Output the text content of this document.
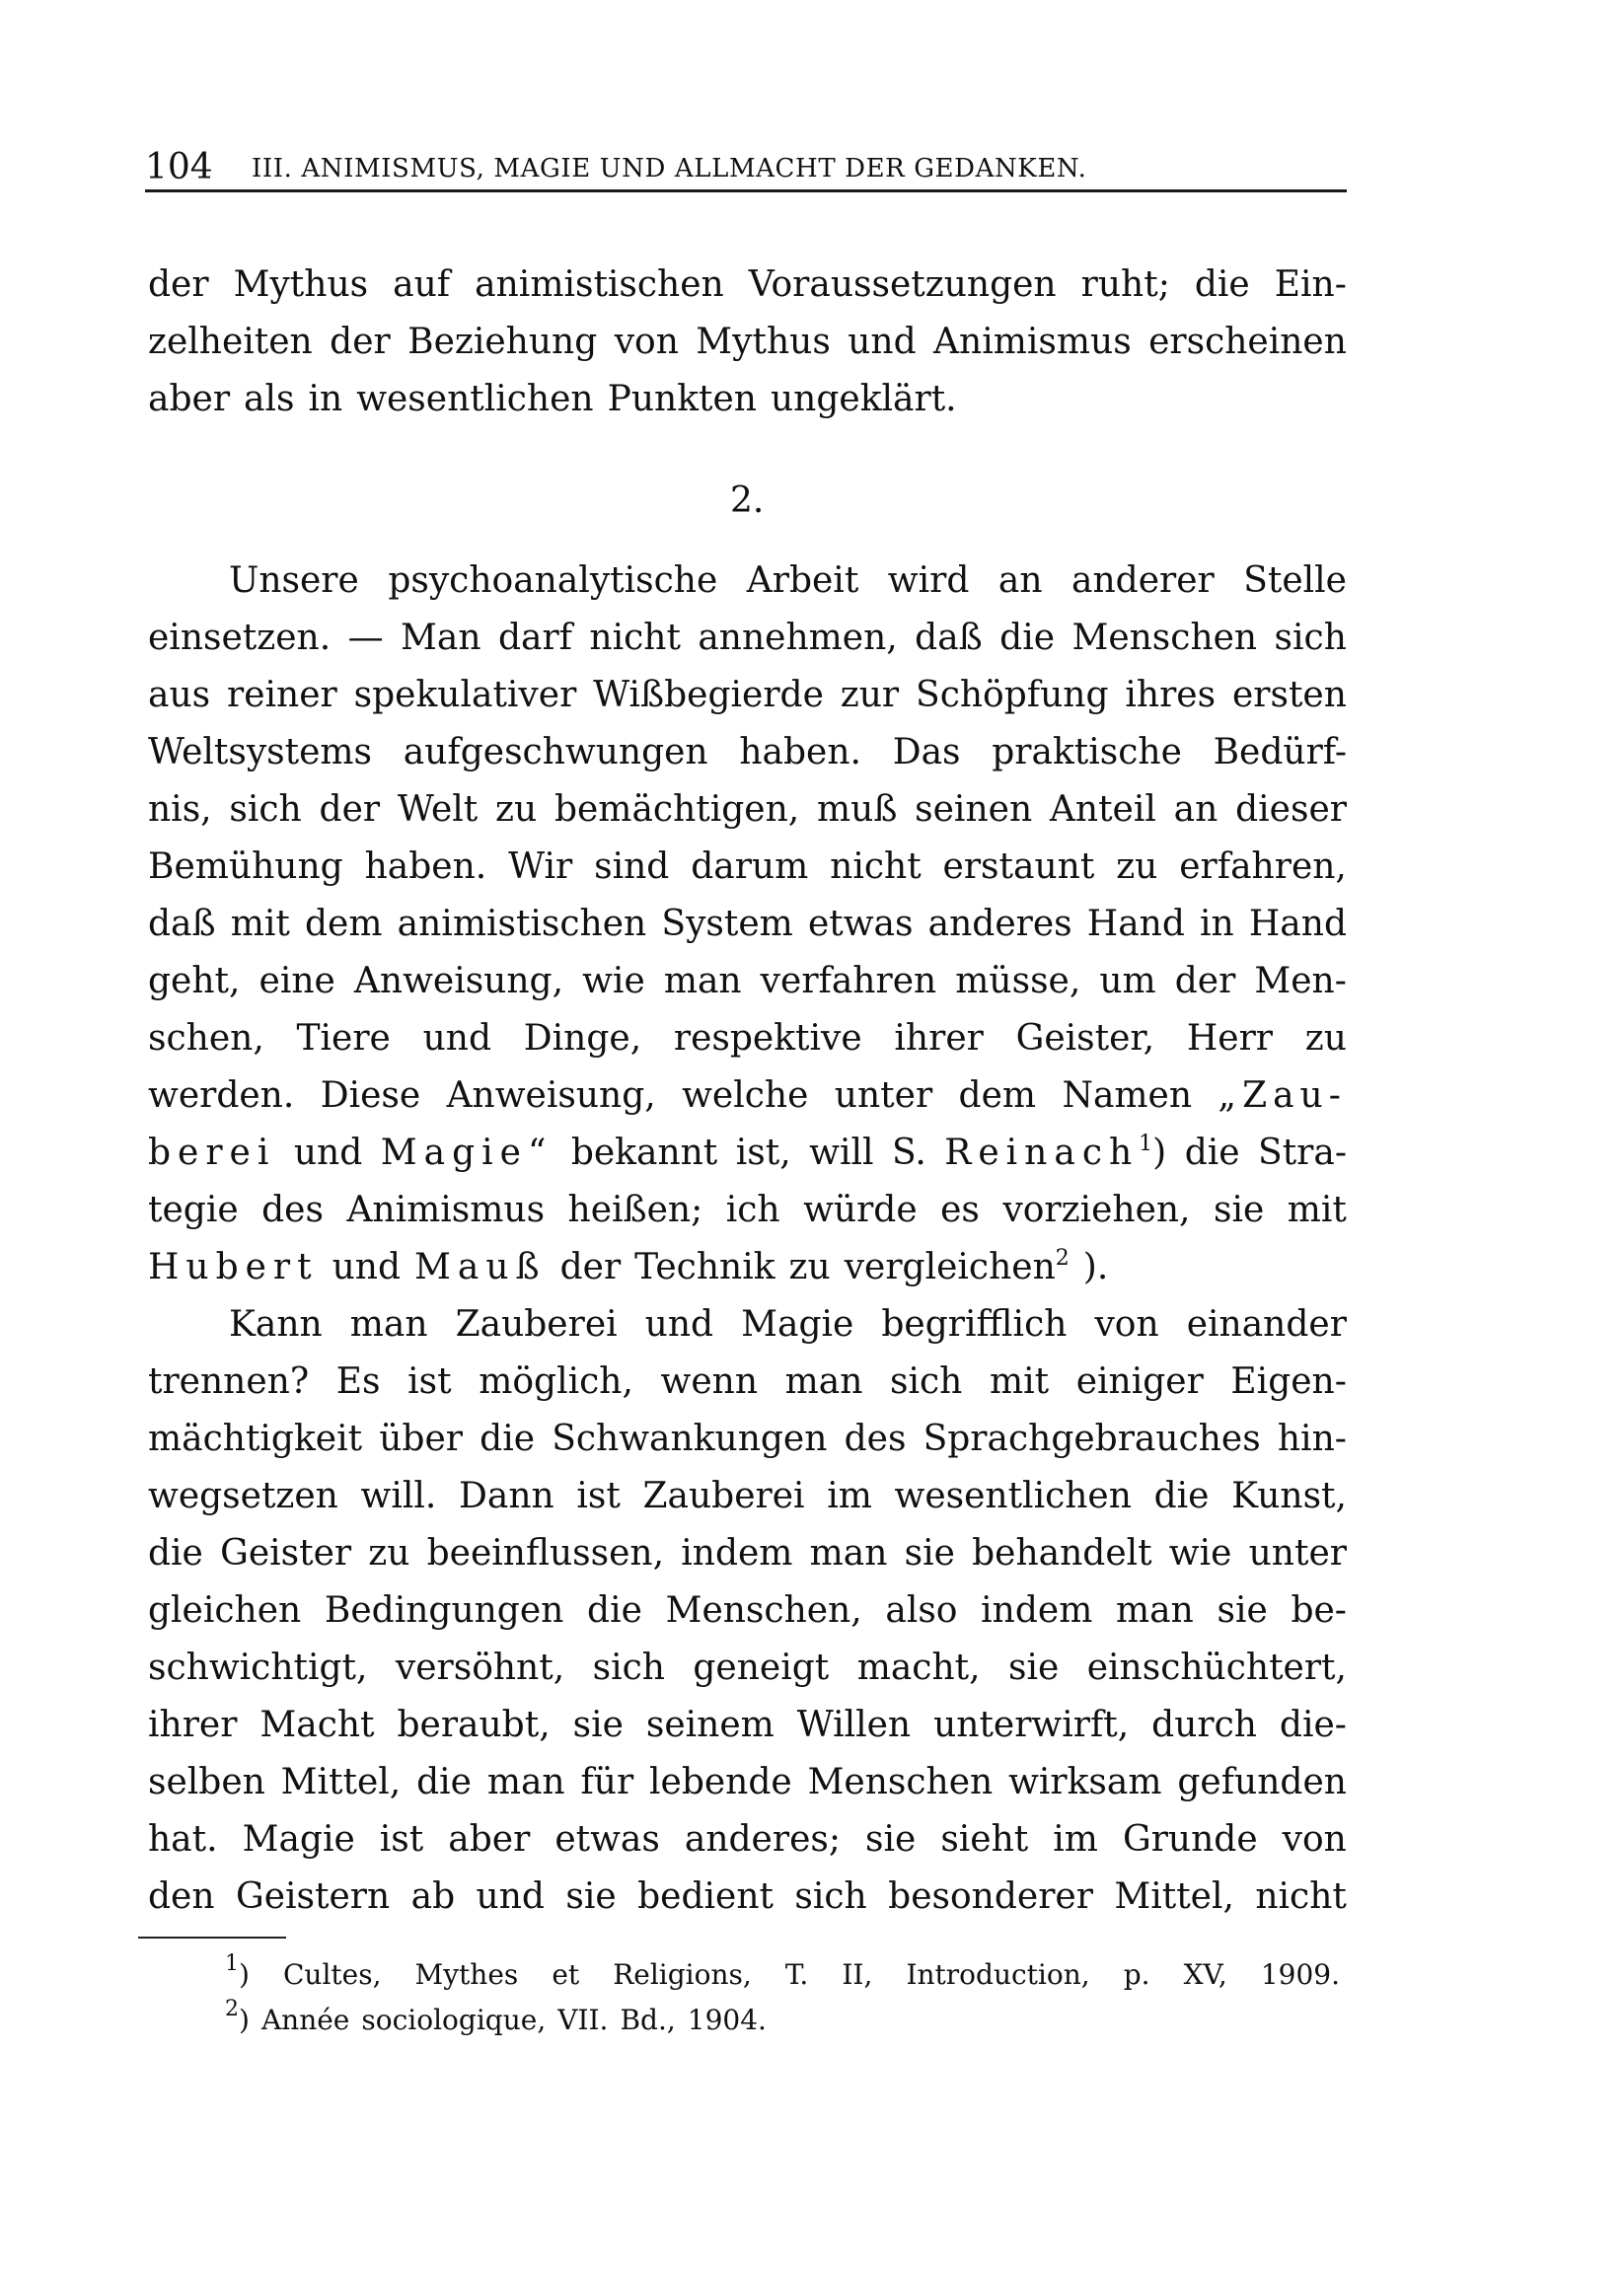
104 III. ANIMISMUS, MAGIE UND ALLMACHT DER GEDANKEN.
der Mythus auf animistischen Voraussetzungen ruht; die Ein-
zelheiten der Beziehung von Mythus und Animismus erscheinen
aber als in wesentlichen Punkten ungeklärt.
Unsere psychoanalytische Arbeit wird an anderer Stelle
einsetzen. — Man darf nicht annehmen, daß die Menschen sich
aus reiner spekulativer Wißbegierde zur Schöpfung ihres ersten
Weltsystems aufgeschwungen haben. Das praktische Bedürf-
nis, sich der Welt zu bemächtigen, muß seinen Anteil an dieser
Bemühung haben. Wir sind darum nicht erstaunt zu erfahren,
daß mit dem animistischen System etwas anderes Hand in Hand
geht, eine Anweisung, wie man verfahren müsse, um der Men-
schen, Tiere und Dinge, respektive ihrer Geister, Herr zu
werden. Diese Anweisung, welche unter dem Namen „Zau-
berei und Magie“ bekannt ist, will S. Reinach$^1$) die Stra-
tegie des Animismus heißen; ich würde es vorziehen, sie mit
Hubert und Mauß der Technik zu vergleichen$^2$ ).
Kann man Zauberei und Magie begrifflich von einander
trennen? Es ist möglich, wenn man sich mit einiger Eigen-
mächtigkeit über die Schwankungen des Sprachgebrauches hin-
wegsetzen will. Dann ist Zauberei im wesentlichen die Kunst,
die Geister zu beeinflussen, indem man sie behandelt wie unter
gleichen Bedingungen die Menschen, also indem man sie be-
schwichtigt, versöhnt, sich geneigt macht, sie einschüchtert,
ihrer Macht beraubt, sie seinem Willen unterwirft, durch die-
selben Mittel, die man für lebende Menschen wirksam gefunden
hat. Magie ist aber etwas anderes; sie sieht im Grunde von
den Geistern ab und sie bedient sich besonderer Mittel, nicht
2.
$^1$) Cultes, Mythes et Religions, T. II, Introduction, p. XV, 1909.
$^2$) Année sociologique, VII. Bd., 1904.
